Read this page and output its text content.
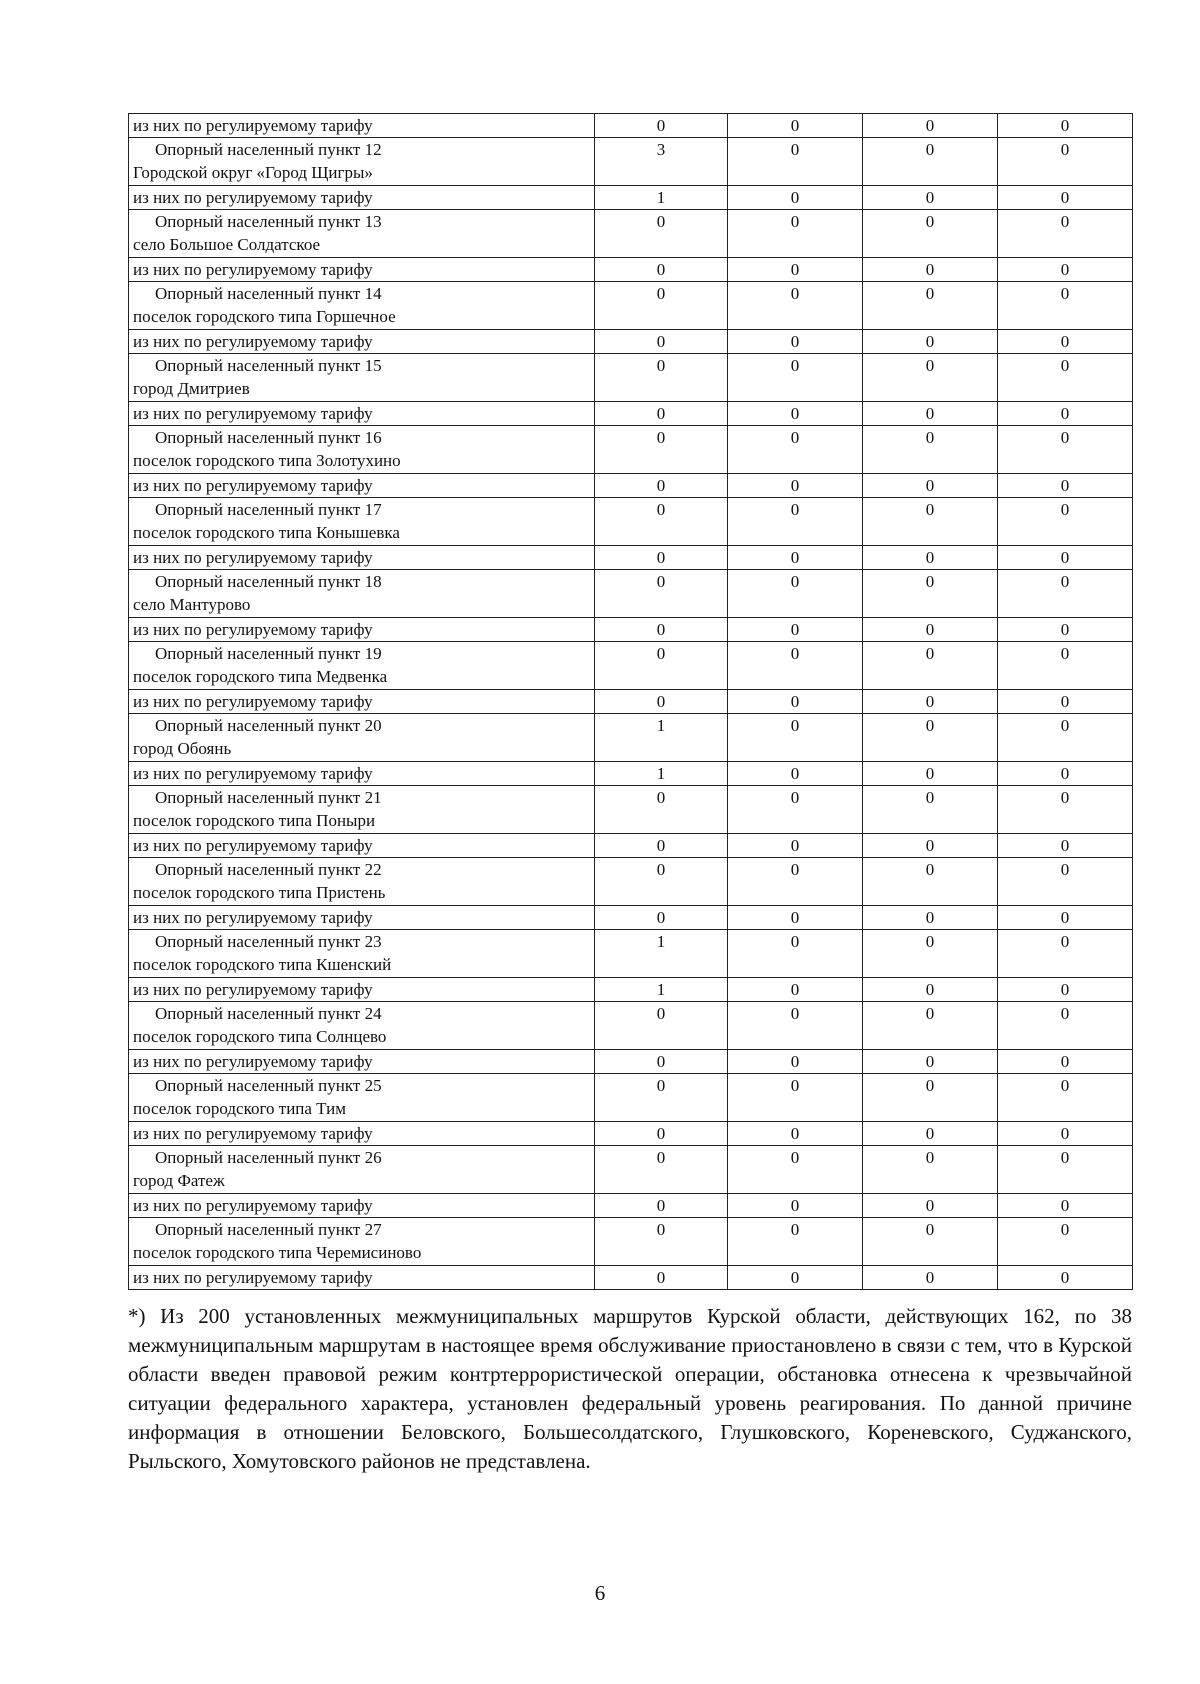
из них по регулируемому тарифу	0	0	0	0

Опорный населенный пункт 12
Городской округ «Город Щигры»	3	0	0	0
из них по регулируемому тарифу	1	0	0	0

Опорный населенный пункт 13
село Большое Солдатское	0	0	0	0
из них по регулируемому тарифу	0	0	0	0

Опорный населенный пункт 14
поселок городского типа Горшечное	0	0	0	0
из них по регулируемому тарифу	0	0	0	0

Опорный населенный пункт 15
город Дмитриев	0	0	0	0
из них по регулируемому тарифу	0	0	0	0

Опорный населенный пункт 16
поселок городского типа Золотухино	0	0	0	0
из них по регулируемому тарифу	0	0	0	0

Опорный населенный пункт 17
поселок городского типа Конышевка	0	0	0	0
из них по регулируемому тарифу	0	0	0	0

Опорный населенный пункт 18
село Мантурово	0	0	0	0
из них по регулируемому тарифу	0	0	0	0

Опорный населенный пункт 19
поселок городского типа Медвенка	0	0	0	0
из них по регулируемому тарифу	0	0	0	0

Опорный населенный пункт 20
город Обоянь	1	0	0	0
из них по регулируемому тарифу	1	0	0	0

Опорный населенный пункт 21
поселок городского типа Поныри	0	0	0	0
из них по регулируемому тарифу	0	0	0	0

Опорный населенный пункт 22
поселок городского типа Пристень	0	0	0	0
из них по регулируемому тарифу	0	0	0	0

Опорный населенный пункт 23
поселок городского типа Кшенский	1	0	0	0
из них по регулируемому тарифу	1	0	0	0

Опорный населенный пункт 24
поселок городского типа Солнцево	0	0	0	0
из них по регулируемому тарифу	0	0	0	0

Опорный населенный пункт 25
поселок городского типа Тим	0	0	0	0
из них по регулируемому тарифу	0	0	0	0

Опорный населенный пункт 26
город Фатеж	0	0	0	0
из них по регулируемому тарифу	0	0	0	0

Опорный населенный пункт 27
поселок городского типа Черемисиново	0	0	0	0
из них по регулируемому тарифу	0	0	0	0

*) Из 200 установленных межмуниципальных маршрутов Курской области, действующих 162, по 38 межмуниципальным маршрутам в настоящее время обслуживание приостановлено в связи с тем, что в Курской области введен правовой режим контртеррористической операции, обстановка отнесена к чрезвычайной ситуации федерального характера, установлен федеральный уровень реагирования. По данной причине информация в отношении Беловского, Большесолдатского, Глушковского, Кореневского, Суджанского, Рыльского, Хомутовского районов не представлена.

6
